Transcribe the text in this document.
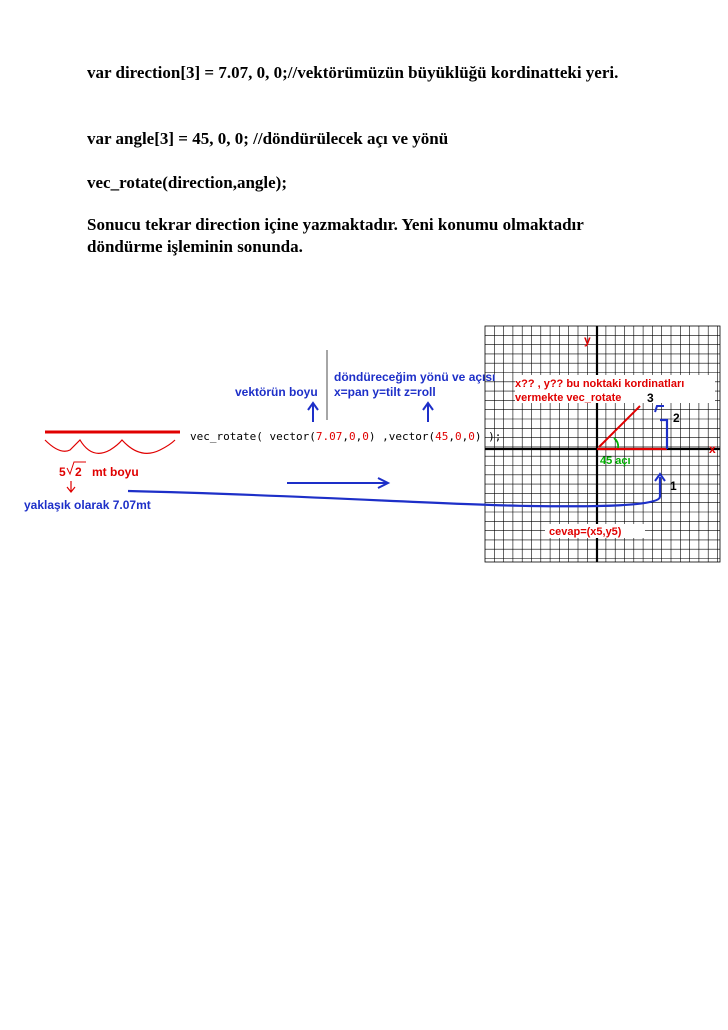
var direction[3] = 7.07, 0, 0;//vektörümüzün büyüklüğü kordinatteki yeri.

var angle[3] = 45, 0, 0; //döndürülecek açı ve yönü

vec_rotate(direction,angle);

Sonucu tekrar direction içine yazmaktadır. Yeni konumu olmaktadır döndürme işleminin sonunda.

y
x
x?? , y?? bu noktaki kordinatları
vermekte vec_rotate
45 açı
3
2
1
cevap=(x5,y5)
5 2 mt boyu
yaklaşık olarak 7.07mt
vec_rotate( vector(7.07,0,0) ,vector(45,0,0) );
vektörün boyu
döndüreceğim yönü ve açısı
x=pan y=tilt z=roll
